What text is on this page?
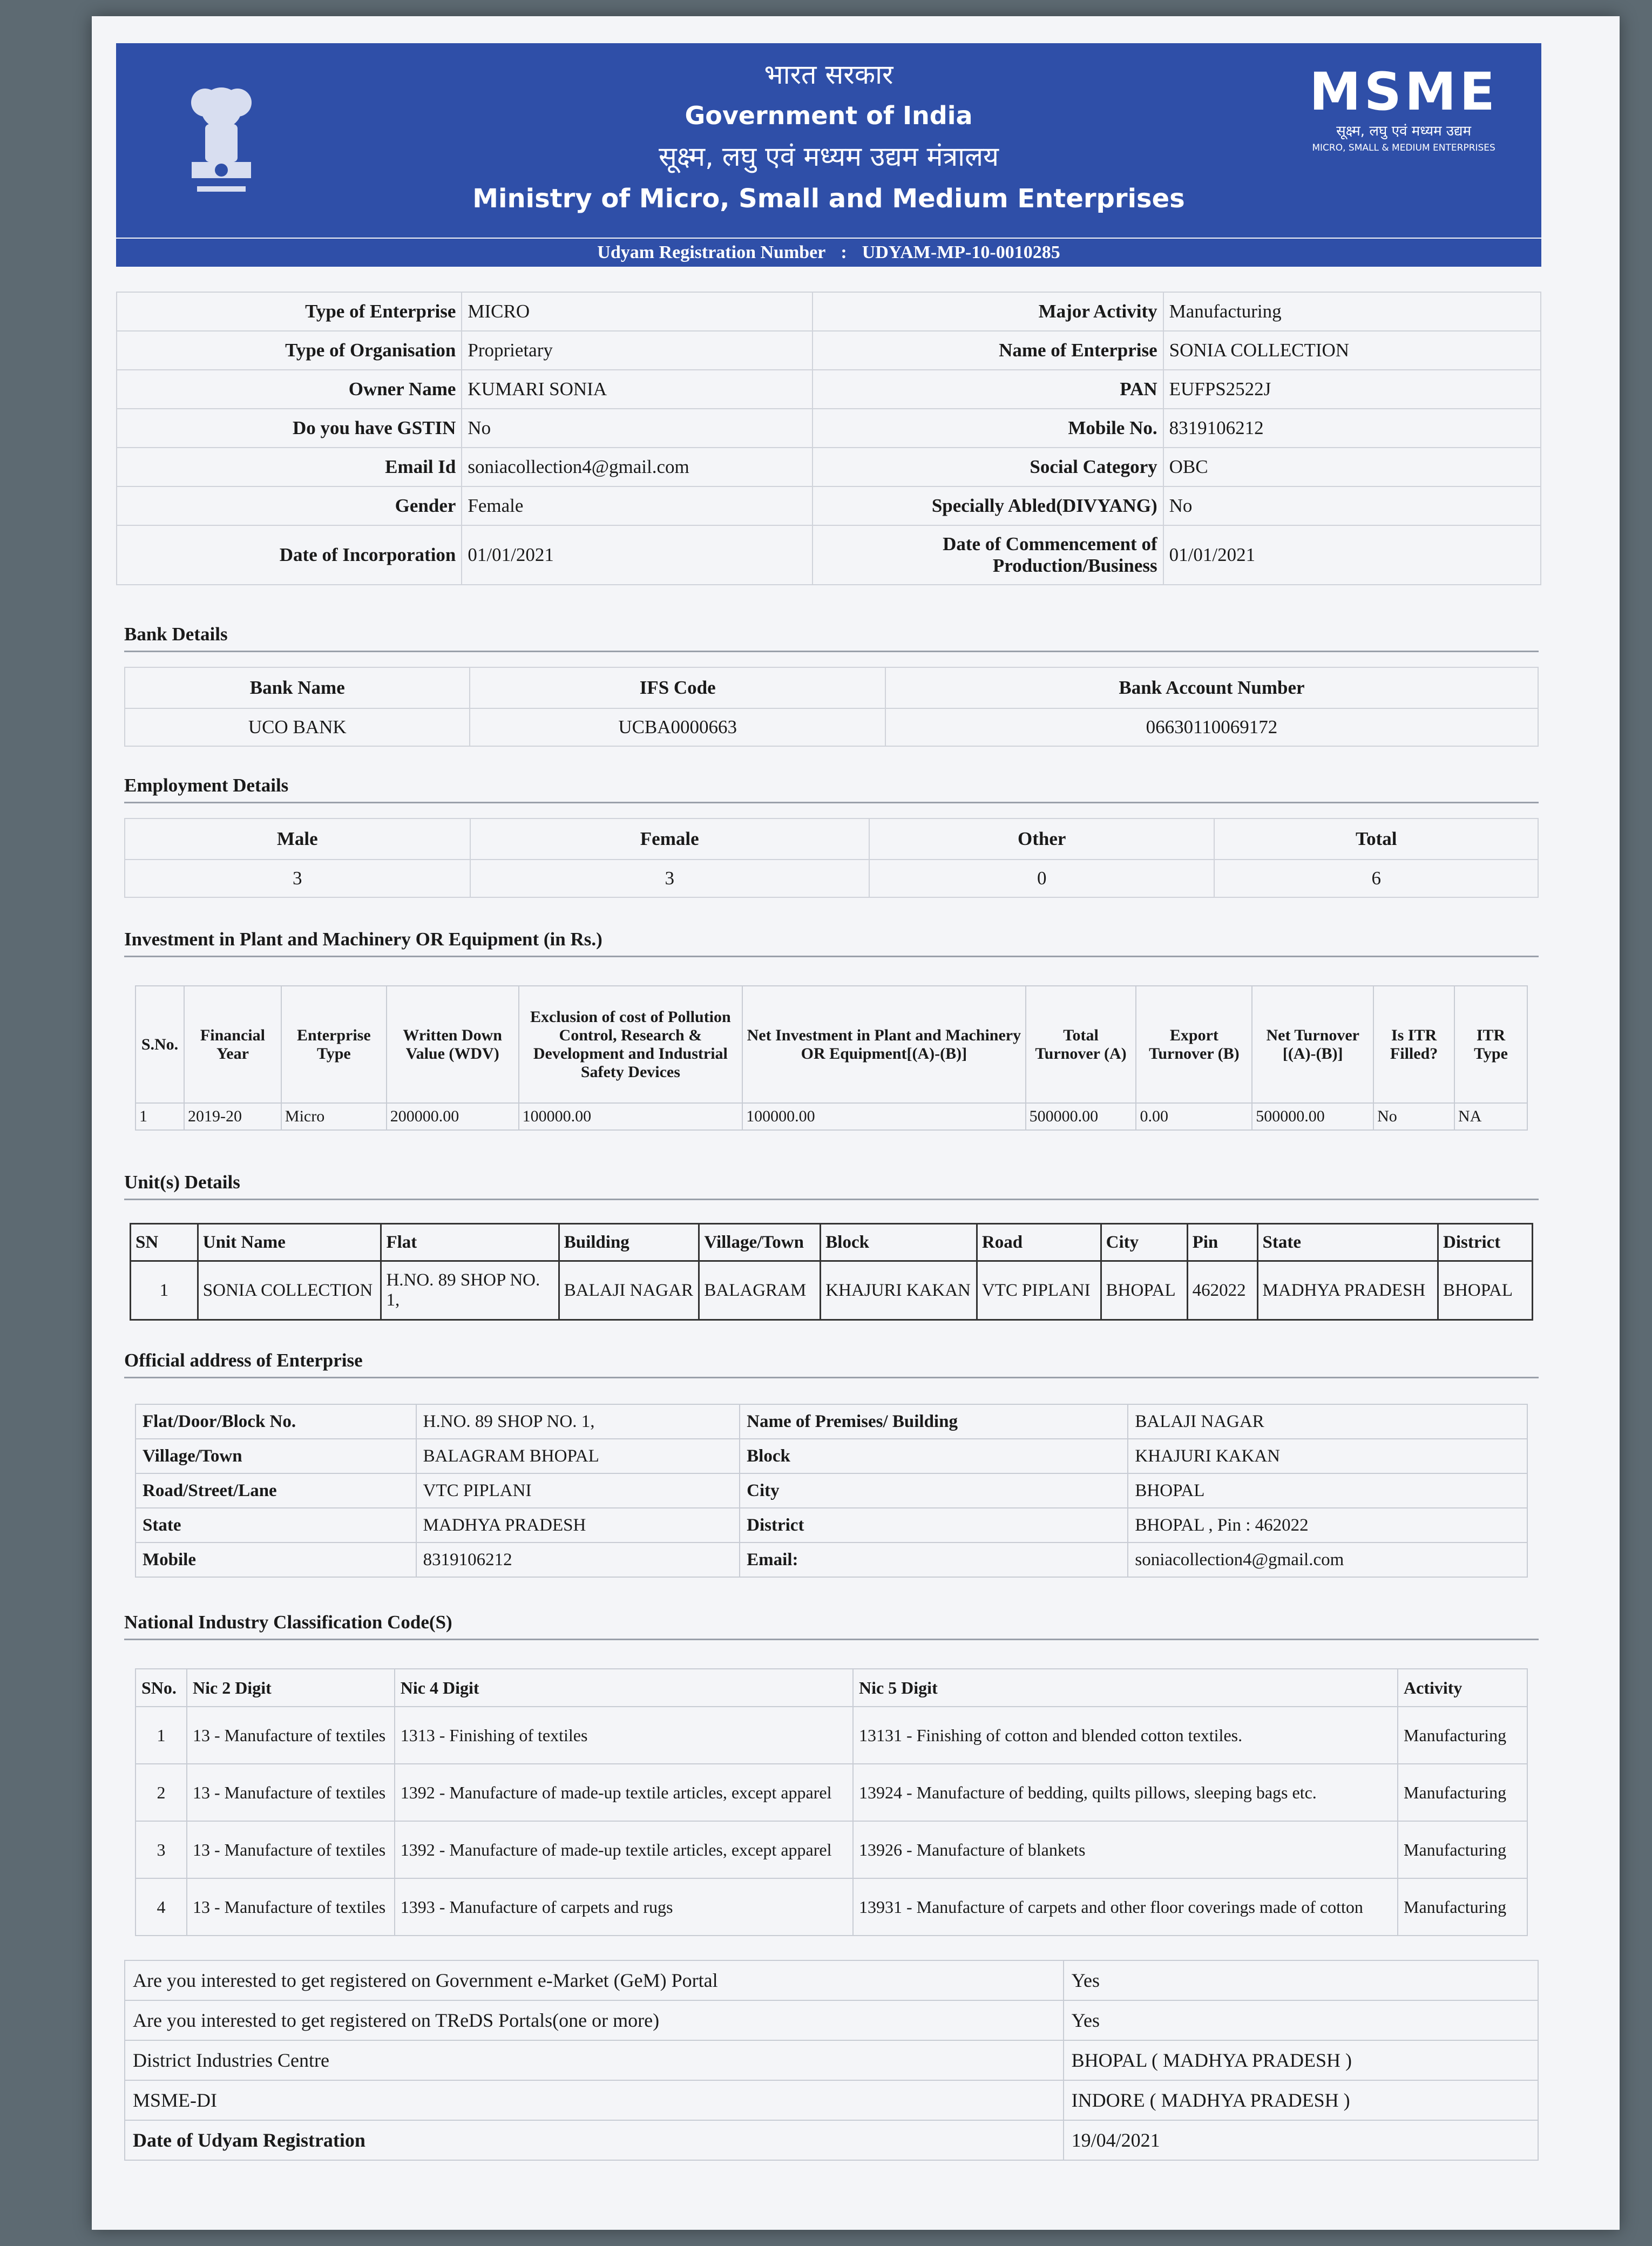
भारत सरकार
Government of India
सूक्ष्म, लघु एवं मध्यम उद्यम मंत्रालय
Ministry of Micro, Small and Medium Enterprises
MSME
सूक्ष्म, लघु एवं मध्यम उद्यम
MICRO, SMALL & MEDIUM ENTERPRISES
Udyam Registration Number : UDYAM-MP-10-0010285
Type of Enterprise	MICRO	Major Activity	Manufacturing
Type of Organisation	Proprietary	Name of Enterprise	SONIA COLLECTION
Owner Name	KUMARI SONIA	PAN	EUFPS2522J
Do you have GSTIN	No	Mobile No.	8319106212
Email Id	soniacollection4@gmail.com	Social Category	OBC
Gender	Female	Specially Abled(DIVYANG)	No
Date of Incorporation	01/01/2021	Date of Commencement of Production/Business	01/01/2021
Bank Details
Bank Name	IFS Code	Bank Account Number
UCO BANK	UCBA0000663	06630110069172
Employment Details
Male	Female	Other	Total
3	3	0	6
Investment in Plant and Machinery OR Equipment (in Rs.)
S.No.	Financial Year	Enterprise Type	Written Down Value (WDV)	Exclusion of cost of Pollution Control, Research & Development and Industrial Safety Devices	Net Investment in Plant and Machinery OR Equipment[(A)-(B)]	Total Turnover (A)	Export Turnover (B)	Net Turnover [(A)-(B)]	Is ITR Filled?	ITR Type
1	2019-20	Micro	200000.00	100000.00	100000.00	500000.00	0.00	500000.00	No	NA
Unit(s) Details
SN	Unit Name	Flat	Building	Village/Town	Block	Road	City	Pin	State	District
1	SONIA COLLECTION	H.NO. 89 SHOP NO. 1,	BALAJI NAGAR	BALAGRAM	KHAJURI KAKAN	VTC PIPLANI	BHOPAL	462022	MADHYA PRADESH	BHOPAL
Official address of Enterprise
Flat/Door/Block No.	H.NO. 89 SHOP NO. 1,	Name of Premises/ Building	BALAJI NAGAR
Village/Town	BALAGRAM BHOPAL	Block	KHAJURI KAKAN
Road/Street/Lane	VTC PIPLANI	City	BHOPAL
State	MADHYA PRADESH	District	BHOPAL , Pin : 462022
Mobile	8319106212	Email:	soniacollection4@gmail.com
National Industry Classification Code(S)
SNo.	Nic 2 Digit	Nic 4 Digit	Nic 5 Digit	Activity
1	13 - Manufacture of textiles	1313 - Finishing of textiles	13131 - Finishing of cotton and blended cotton textiles.	Manufacturing
2	13 - Manufacture of textiles	1392 - Manufacture of made-up textile articles, except apparel	13924 - Manufacture of bedding, quilts pillows, sleeping bags etc.	Manufacturing
3	13 - Manufacture of textiles	1392 - Manufacture of made-up textile articles, except apparel	13926 - Manufacture of blankets	Manufacturing
4	13 - Manufacture of textiles	1393 - Manufacture of carpets and rugs	13931 - Manufacture of carpets and other floor coverings made of cotton	Manufacturing
Are you interested to get registered on Government e-Market (GeM) Portal	Yes
Are you interested to get registered on TReDS Portals(one or more)	Yes
District Industries Centre	BHOPAL ( MADHYA PRADESH )
MSME-DI	INDORE ( MADHYA PRADESH )
Date of Udyam Registration	19/04/2021
